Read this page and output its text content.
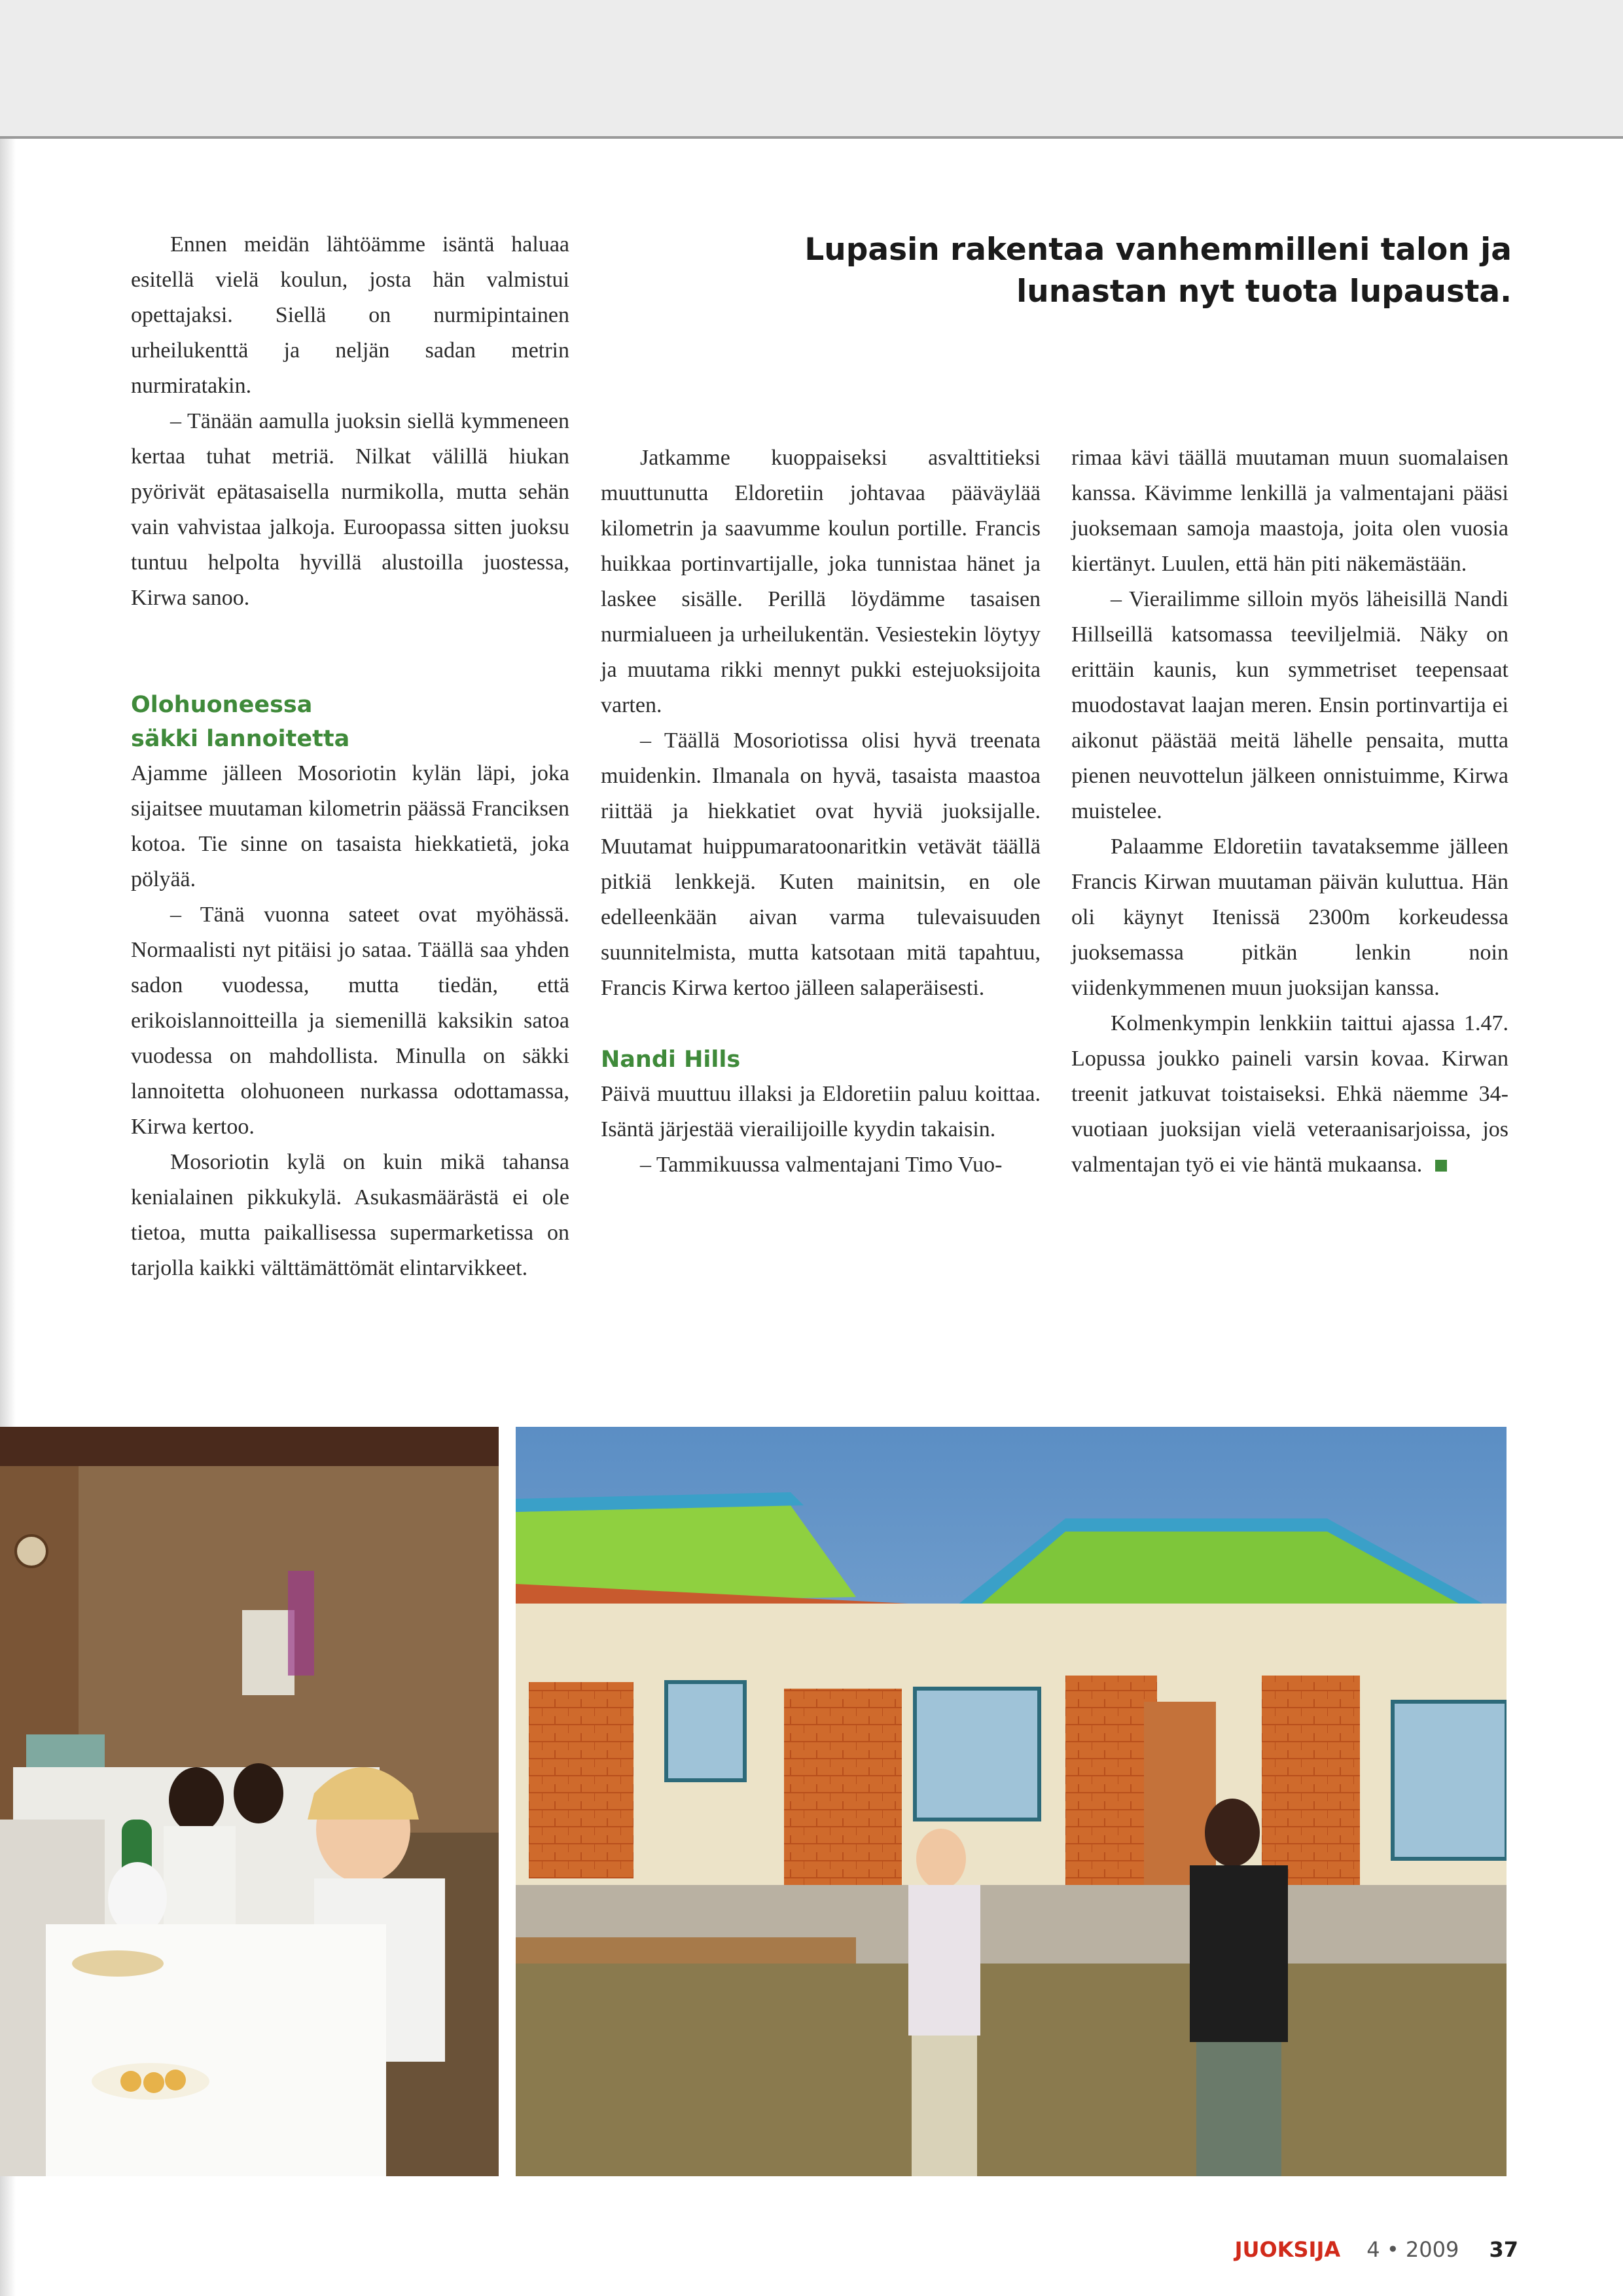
Lupasin rakentaa vanhemmilleni talon ja lunastan nyt tuota lupausta.

Ennen meidän lähtöämme isäntä haluaa esitellä vielä koulun, josta hän valmistui opettajaksi. Siellä on nurmipintainen urheilukenttä ja neljän sadan metrin nurmiratakin.

– Tänään aamulla juoksin siellä kymmeneen kertaa tuhat metriä. Nilkat välillä hiukan pyörivät epätasaisella nurmikolla, mutta sehän vain vahvistaa jalkoja. Euroopassa sitten juoksu tuntuu helpolta hyvillä alustoilla juostessa, Kirwa sanoo.

Olohuoneessa

säkki lannoitetta

Ajamme jälleen Mosoriotin kylän läpi, joka sijaitsee muutaman kilometrin päässä Franciksen kotoa. Tie sinne on tasaista hiekkatietä, joka pölyää.

– Tänä vuonna sateet ovat myöhässä. Normaalisti nyt pitäisi jo sataa. Täällä saa yhden sadon vuodessa, mutta tiedän, että erikoislannoitteilla ja siemenillä kaksikin satoa vuodessa on mahdollista. Minulla on säkki lannoitetta olohuoneen nurkassa odottamassa, Kirwa kertoo.

Mosoriotin kylä on kuin mikä tahansa kenialainen pikkukylä. Asukasmäärästä ei ole tietoa, mutta paikallisessa supermarketissa on tarjolla kaikki välttämättömät elintarvikkeet.

Jatkamme kuoppaiseksi asvalttitieksi muuttunutta Eldoretiin johtavaa pääväylää kilometrin ja saavumme koulun portille. Francis huikkaa portinvartijalle, joka tunnistaa hänet ja laskee sisälle. Perillä löydämme tasaisen nurmialueen ja urheilukentän. Vesiestekin löytyy ja muutama rikki mennyt pukki estejuoksijoita varten.

– Täällä Mosoriotissa olisi hyvä treenata muidenkin. Ilmanala on hyvä, tasaista maastoa riittää ja hiekkatiet ovat hyviä juoksijalle. Muutamat huippumaratoonaritkin vetävät täällä pitkiä lenkkejä. Kuten mainitsin, en ole edelleenkään aivan varma tulevaisuuden suunnitelmista, mutta katsotaan mitä tapahtuu, Francis Kirwa kertoo jälleen salaperäisesti.

Nandi Hills

Päivä muuttuu illaksi ja Eldoretiin paluu koittaa. Isäntä järjestää vierailijoille kyydin takaisin.

– Tammikuussa valmentajani Timo Vuo-

rimaa kävi täällä muutaman muun suomalaisen kanssa. Kävimme lenkillä ja valmentajani pääsi juoksemaan samoja maastoja, joita olen vuosia kiertänyt. Luulen, että hän piti näkemästään.

– Vierailimme silloin myös läheisillä Nandi Hillseillä katsomassa teeviljelmiä. Näky on erittäin kaunis, kun symmetriset teepensaat muodostavat laajan meren. Ensin portinvartija ei aikonut päästää meitä lähelle pensaita, mutta pienen neuvottelun jälkeen onnistuimme, Kirwa muistelee.

Palaamme Eldoretiin tavataksemme jälleen Francis Kirwan muutaman päivän kuluttua. Hän oli käynyt Itenissä 2300m korkeudessa juoksemassa pitkän lenkin noin viidenkymmenen muun juoksijan kanssa.

Kolmenkympin lenkkiin taittui ajassa 1.47. Lopussa joukko paineli varsin kovaa. Kirwan treenit jatkuvat toistaiseksi. Ehkä näemme 34-vuotiaan juoksijan vielä veteraanisarjoissa, jos valmentajan työ ei vie häntä mukaansa.

JUOKSIJA 4 • 2009 37
